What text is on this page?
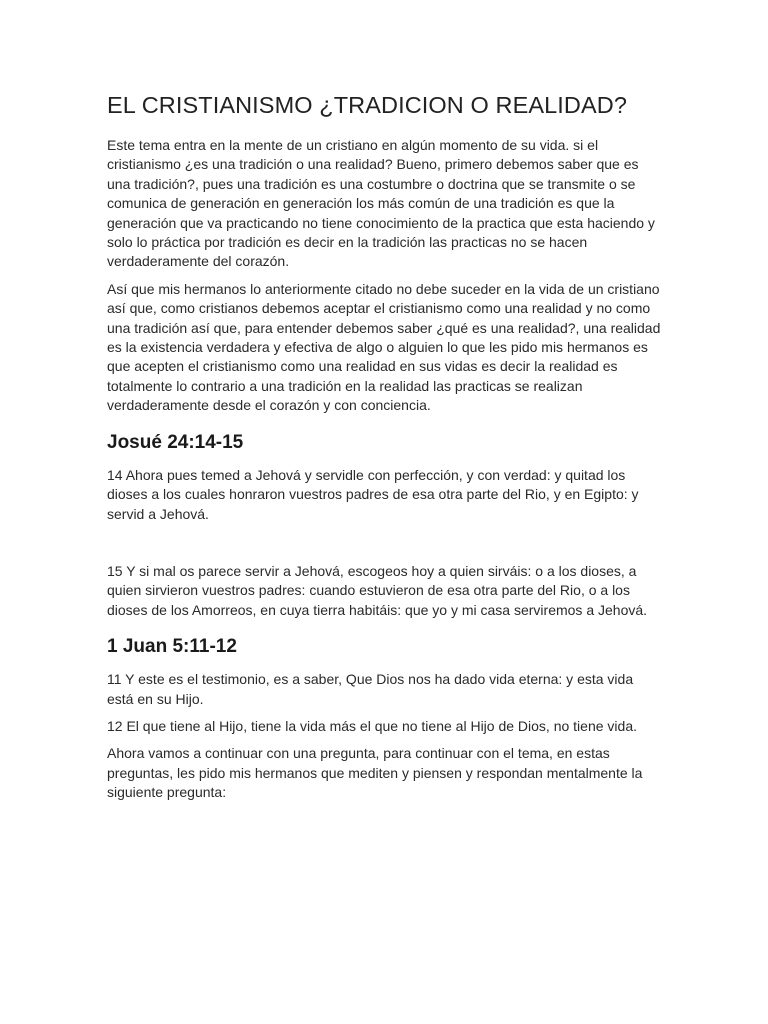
EL CRISTIANISMO ¿TRADICION O REALIDAD?

Este tema entra en la mente de un cristiano en algún momento de su vida. si el cristianismo ¿es una tradición o una realidad? Bueno, primero debemos saber que es una tradición?, pues una tradición es una costumbre o doctrina que se transmite o se comunica de generación en generación los más común de una tradición es que la generación que va practicando no tiene conocimiento de la practica que esta haciendo y solo lo práctica por tradición es decir en la tradición las practicas no se hacen verdaderamente del corazón.

Así que mis hermanos lo anteriormente citado no debe suceder en la vida de un cristiano así que, como cristianos debemos aceptar el cristianismo como una realidad y no como una tradición así que, para entender debemos saber ¿qué es una realidad?, una realidad es la existencia verdadera y efectiva de algo o alguien lo que les pido mis hermanos es que acepten el cristianismo como una realidad en sus vidas es decir la realidad es totalmente lo contrario a una tradición en la realidad las practicas se realizan verdaderamente desde el corazón y con conciencia.

Josué 24:14-15

14 Ahora pues temed a Jehová y servidle con perfección, y con verdad: y quitad los dioses a los cuales honraron vuestros padres de esa otra parte del Rio, y en Egipto: y servid a Jehová.

15 Y si mal os parece servir a Jehová, escogeos hoy a quien sirváis: o a los dioses, a quien sirvieron vuestros padres: cuando estuvieron de esa otra parte del Rio, o a los dioses de los Amorreos, en cuya tierra habitáis: que yo y mi casa serviremos a Jehová.

1 Juan 5:11-12

11 Y este es el testimonio, es a saber, Que Dios nos ha dado vida eterna: y esta vida está en su Hijo.

12 El que tiene al Hijo, tiene la vida más el que no tiene al Hijo de Dios, no tiene vida.

Ahora vamos a continuar con una pregunta, para continuar con el tema, en estas preguntas, les pido mis hermanos que mediten y piensen y respondan mentalmente la siguiente pregunta:
